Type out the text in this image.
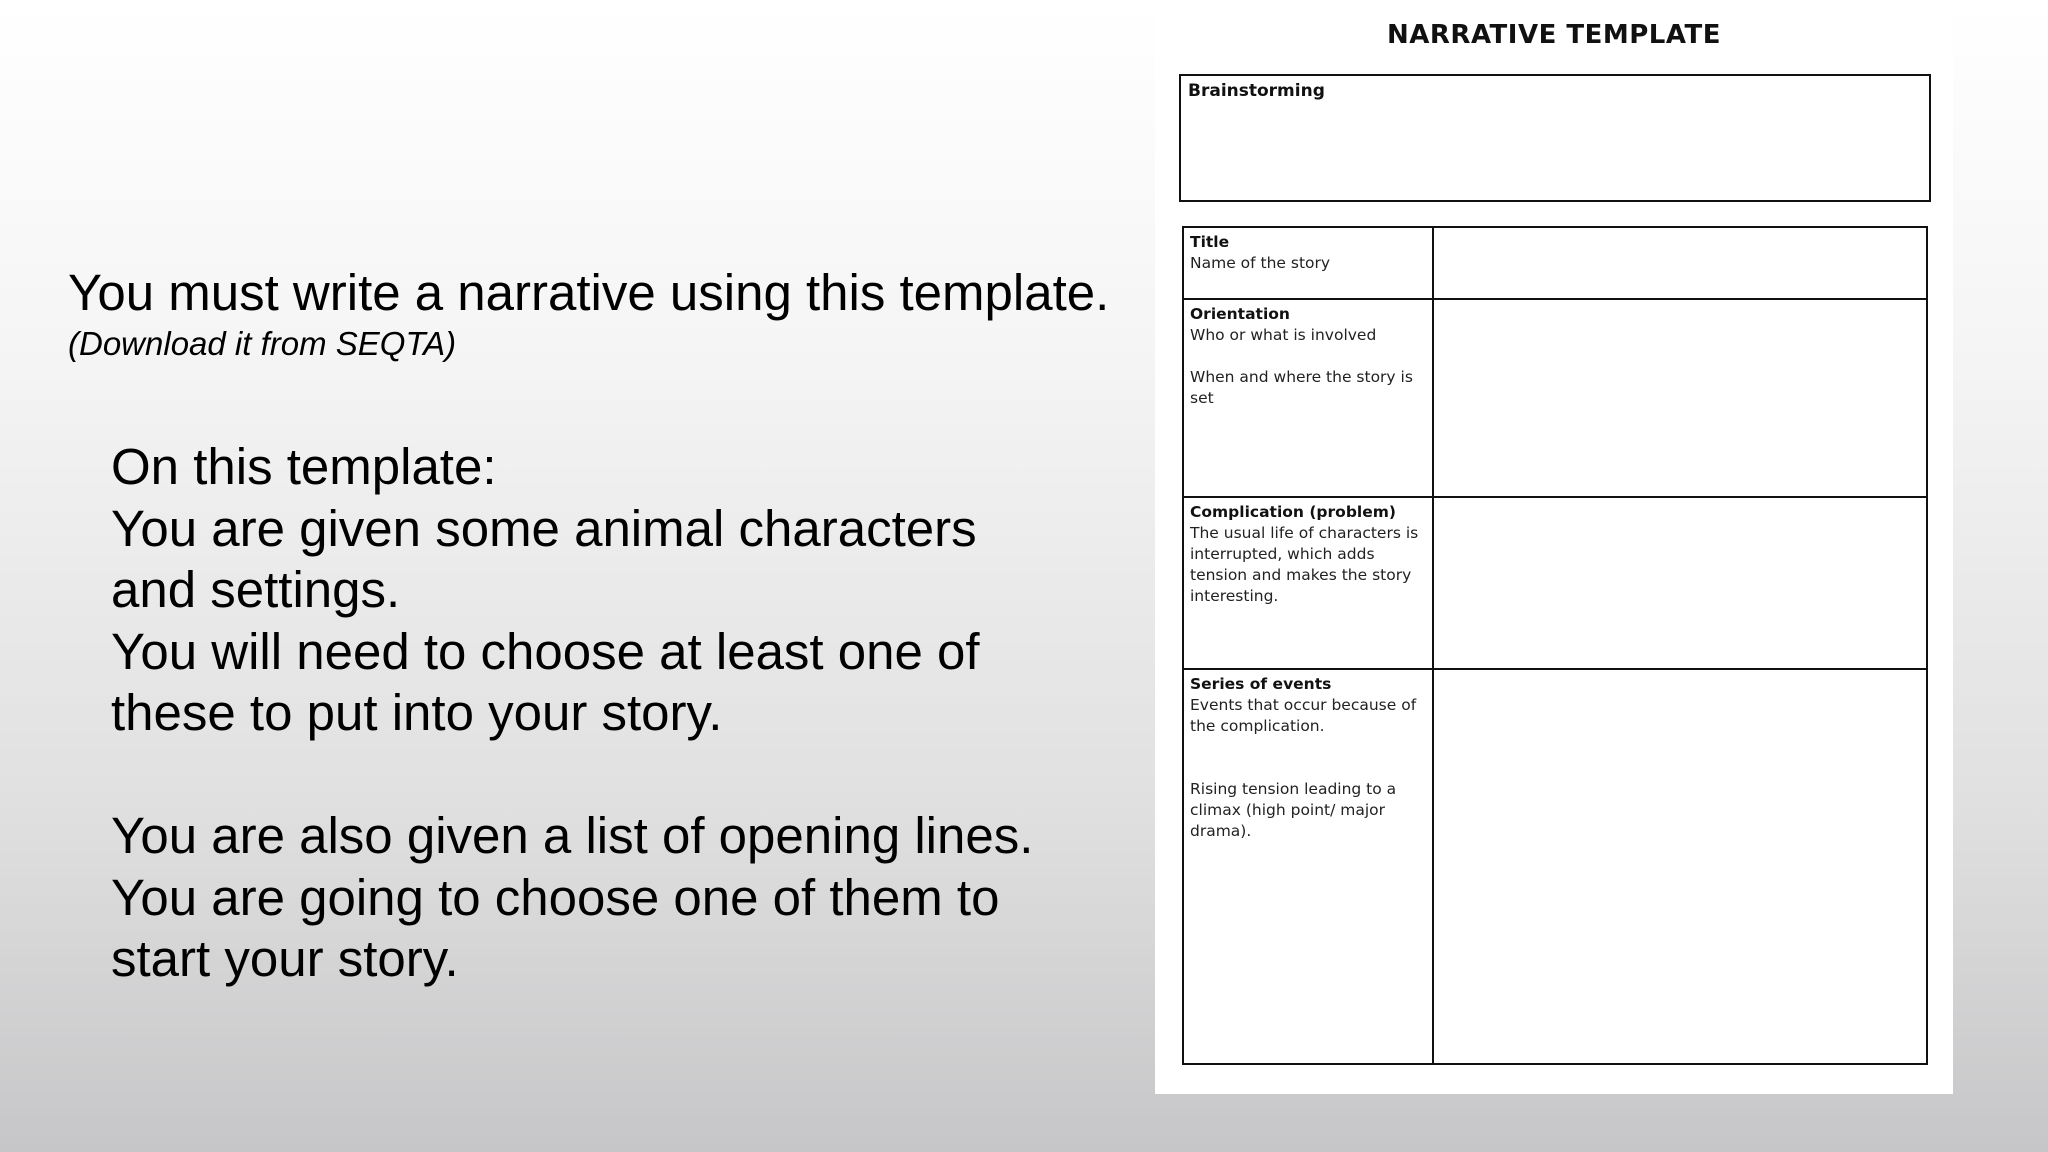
You must write a narrative using this template.

(Download it from SEQTA)

On this template:

You are given some animal characters

and settings.

You will need to choose at least one of

these to put into your story.

You are also given a list of opening lines.

You are going to choose one of them to

start your story.

NARRATIVE TEMPLATE
Brainstorming
Title
Name of the story	

Orientation
Who or what is involved
When and where the story is set	

Complication (problem)
The usual life of characters is interrupted, which adds tension and makes the story interesting.	

Series of events
Events that occur because of the complication.
Rising tension leading to a climax (high point/ major drama).	
